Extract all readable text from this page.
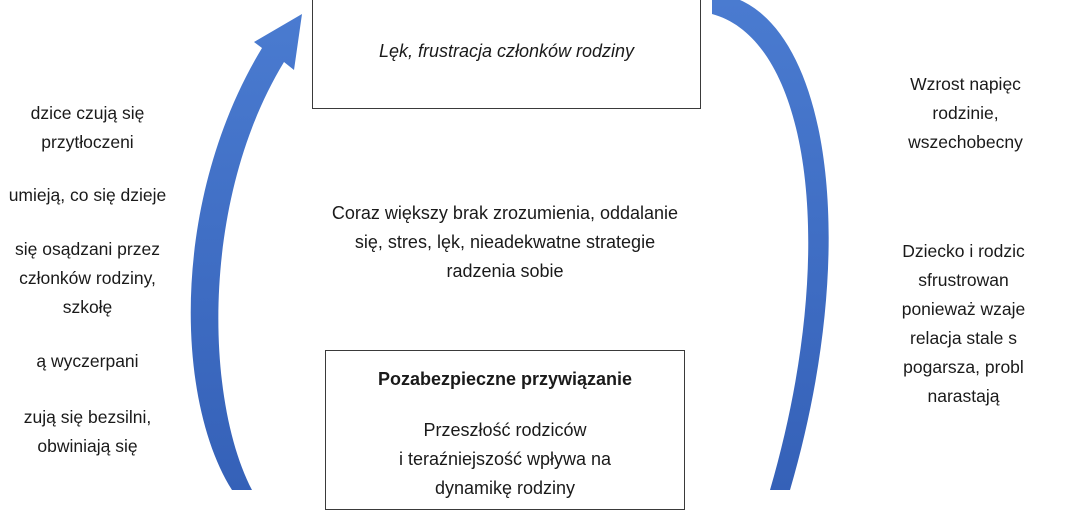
Lęk, frustracja członków rodziny
Coraz większy brak zrozumienia, oddalanie
się, stres, lęk, nieadekwatne strategie
radzenia sobie
Pozabezpieczne przywiązanie
Przeszłość rodziców
i teraźniejszość wpływa na
dynamikę rodziny
dzice czują się
przytłoczeni
umieją, co się dzieje
się osądzani przez
członków rodziny,
szkołę
ą wyczerpani
zują się bezsilni,
obwiniają się
Wzrost napięc
rodzinie,
wszechobecny
Dziecko i rodzic
sfrustrowan
ponieważ wzaje
relacja stale s
pogarsza, probl
narastają
